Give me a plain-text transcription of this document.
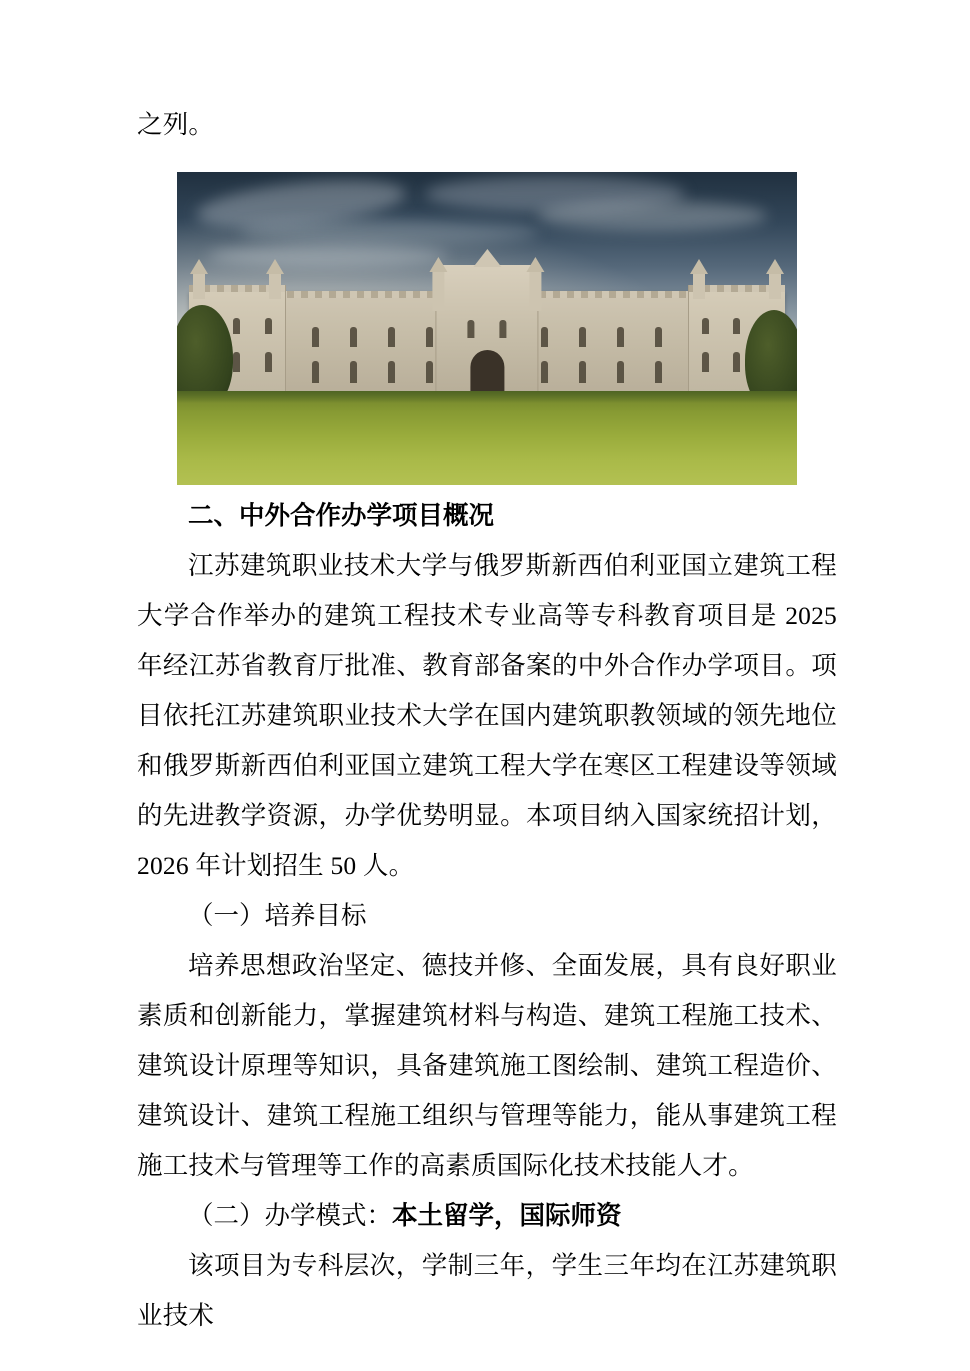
之列。

二、中外合作办学项目概况

江苏建筑职业技术大学与俄罗斯新西伯利亚国立建筑工程大学合作举办的建筑工程技术专业高等专科教育项目是 2025 年经江苏省教育厅批准、教育部备案的中外合作办学项目。项目依托江苏建筑职业技术大学在国内建筑职教领域的领先地位和俄罗斯新西伯利亚国立建筑工程大学在寒区工程建设等领域的先进教学资源，办学优势明显。本项目纳入国家统招计划，2026 年计划招生 50 人。

（一）培养目标

培养思想政治坚定、德技并修、全面发展，具有良好职业素质和创新能力，掌握建筑材料与构造、建筑工程施工技术、建筑设计原理等知识，具备建筑施工图绘制、建筑工程造价、建筑设计、建筑工程施工组织与管理等能力，能从事建筑工程施工技术与管理等工作的高素质国际化技术技能人才。

（二）办学模式：本土留学，国际师资

该项目为专科层次，学制三年，学生三年均在江苏建筑职业技术
